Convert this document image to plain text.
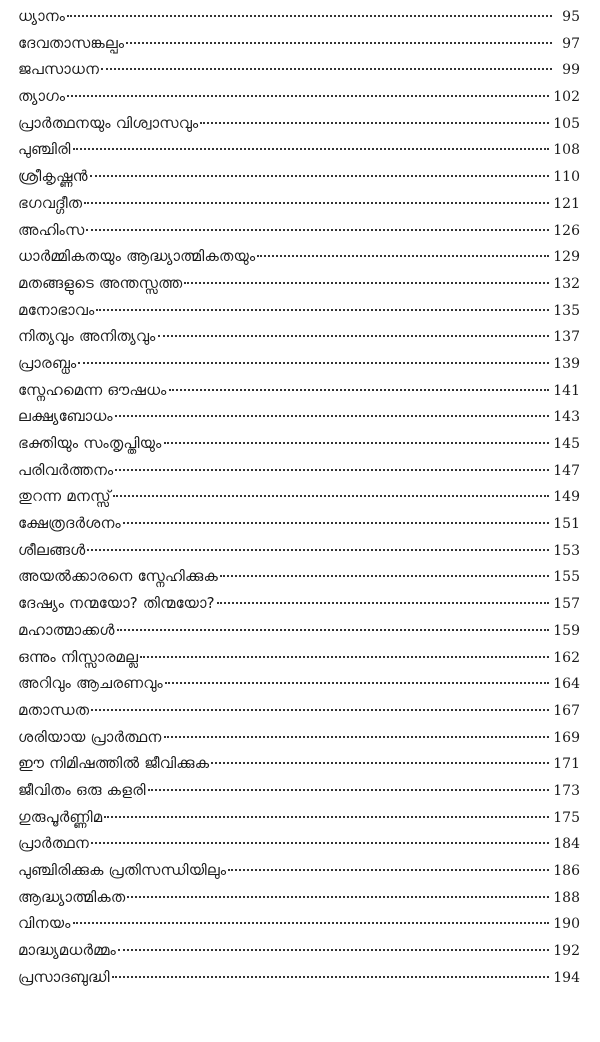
ധ്യാനം	95
ദേവതാസങ്കല്പം	97
ജപസാധന	99
ത്യാഗം	102
പ്രാർത്ഥനയും വിശ്വാസവും	105
പുഞ്ചിരി	108
ശ്രീകൃഷ്ണൻ	110
ഭഗവദ്ഗീത	121
അഹിംസ	126
ധാർമ്മികതയും ആദ്ധ്യാത്മികതയും	129
മതങ്ങളുടെ അന്തസ്സത്ത	132
മനോഭാവം	135
നിത്യവും അനിത്യവും	137
പ്രാരബ്ധം	139
സ്നേഹമെന്ന ഔഷധം	141
ലക്ഷ്യബോധം	143
ഭക്തിയും സംതൃപ്തിയും	145
പരിവർത്തനം	147
തുറന്ന മനസ്സ്	149
ക്ഷേത്രദർശനം	151
ശീലങ്ങൾ	153
അയൽക്കാരനെ സ്നേഹിക്കുക	155
ദേഷ്യം നന്മയോ? തിന്മയോ?	157
മഹാത്മാക്കൾ	159
ഒന്നും നിസ്സാരമല്ല	162
അറിവും ആചരണവും	164
മതാന്ധത	167
ശരിയായ പ്രാർത്ഥന	169
ഈ നിമിഷത്തിൽ ജീവിക്കുക	171
ജീവിതം ഒരു കളരി	173
ഗുരുപൂർണ്ണിമ	175
പ്രാർത്ഥന	184
പുഞ്ചിരിക്കുക പ്രതിസന്ധിയിലും	186
ആദ്ധ്യാത്മികത	188
വിനയം	190
മാദ്ധ്യമധർമ്മം	192
പ്രസാദബുദ്ധി	194
